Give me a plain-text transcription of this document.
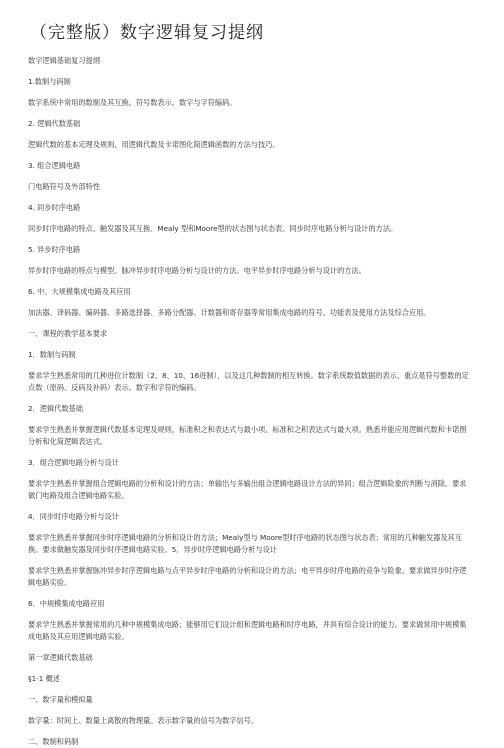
（完整版）数字逻辑复习提纲

数字逻辑基础复习提纲

1.数制与码制

数字系统中常用的数制及其互换、符号数表示、数字与字符编码。

2. 逻辑代数基础

逻辑代数的基本定理及规则、用逻辑代数及卡诺图化简逻辑函数的方法与技巧。

3. 组合逻辑电路

门电路符号及外部特性

4. 同步时序电路

同步时序电路的特点、触发器及其互换、Mealy 型和Moore型的状态图与状态表、同步时序电路分析与设计的方法。

5. 异步时序电路

异步时序电路的特点与模型、脉冲异步时序电路分析与设计的方法。电平异步时序电路分析与设计的方法。

6. 中、大规模集成电路及其应用

加法器、译码器、编码器、多路选择器、多路分配器、计数器和寄存器等常用集成电路的符号、功能表及使用方法及综合应用。

一、课程的教学基本要求

1．数制与码制

要求学生熟悉常用的几种进位计数制（2、8、10、16进制），以及这几种数制的相互转换。数字系统数值数据的表示、重点是符号整数的定点数（原码、反码及补码）表示。数字和字符的编码。

2．逻辑代数基础

要求学生熟悉并掌握逻辑代数基本定理及规则，标准积之和表达式与最小项、标准和之积表达式与最大项。熟悉并能应用逻辑代数和卡诺图分析和化简逻辑表达式。

3．组合逻辑电路分析与设计

要求学生熟悉并掌握组合逻辑电路的分析和设计的方法；单输出与多输出组合逻辑电路设计方法的异同；组合逻辑险象的判断与消除。要求做门电路及组合逻辑电路实验。

4．同步时序电路分析与设计

要求学生熟悉并掌握同步时序逻辑电路的分析和设计的方法；Mealy型与 Moore型时序电路的状态图与状态表；常用的几种触发器及其互换。要求做触发器及同步时序逻辑电路实验。5．异步时序逻辑电路分析与设计

要求学生熟悉并掌握脉冲异步时序逻辑电路与点平异步时序电路的分析和设计的方法；电平异步时序电路的竞争与险象。要求做异步时序逻辑电路实验。

6．中规模集成电路应用

要求学生熟悉并掌握常用的几种中规模集成电路；能够用它们设计组和逻辑电路和时序电路，并具有综合设计的能力。要求做常用中规模集成电路及其应用逻辑电路实验。

第一章逻辑代数基础

§1-1 概述

一、数字量和模拟量

数字量：时间上、数量上离散的物理量。表示数字量的信号为数字信号。

二、数制和码制
